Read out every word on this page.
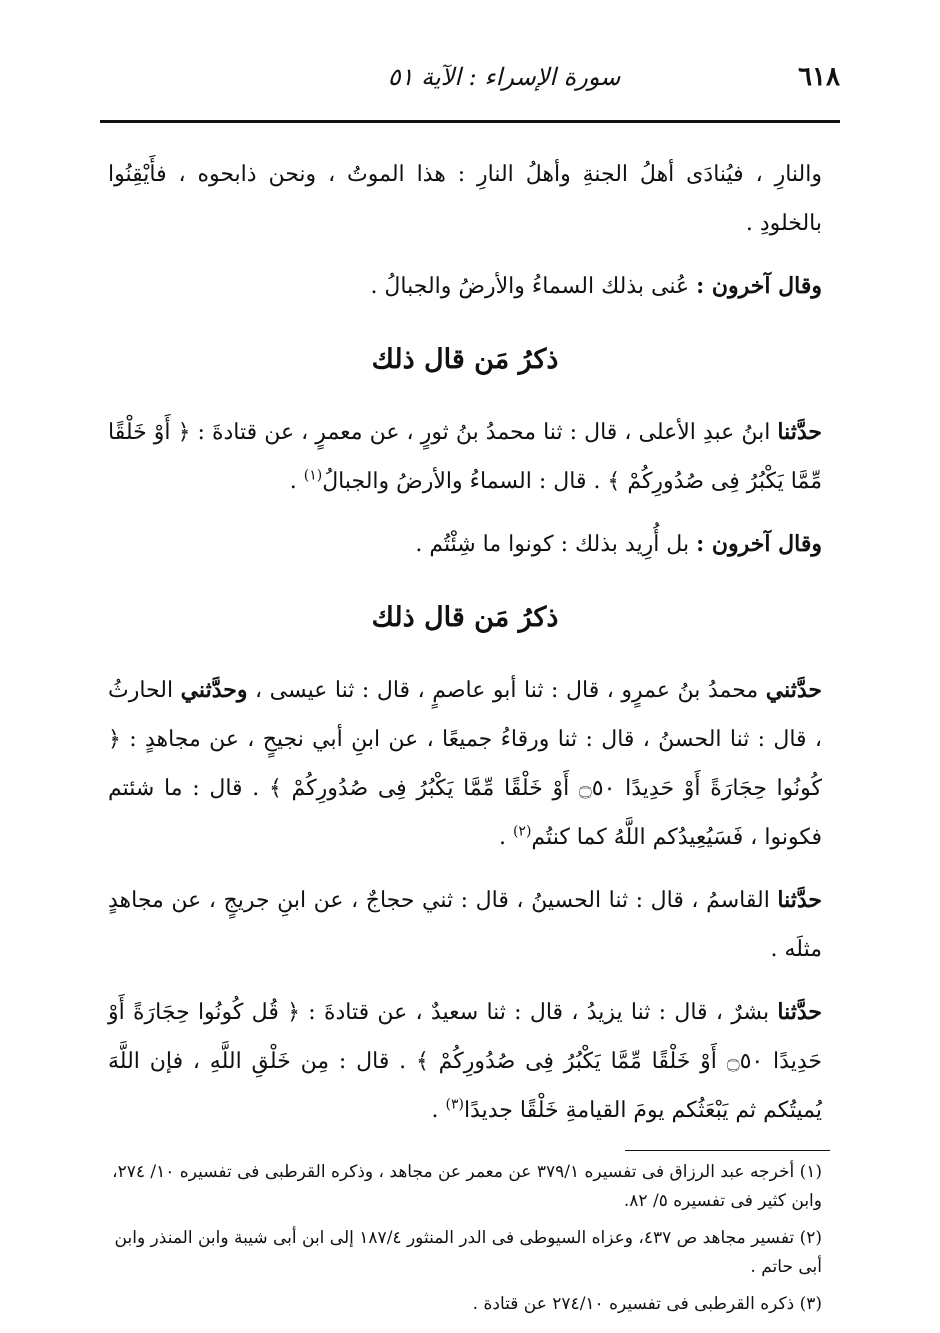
٦١٨
سورة الإسراء : الآية ٥١

والنارِ ، فيُنادَى أهلُ الجنةِ وأهلُ النارِ : هذا الموتُ ، ونحن ذابحوه ، فأَيْقِنُوا بالخلودِ .

وقال آخرون : عُنى بذلك السماءُ والأرضُ والجبالُ .

ذكرُ مَن قال ذلك

حدَّثنا ابنُ عبدِ الأعلى ، قال : ثنا محمدُ بنُ ثورٍ ، عن معمرٍ ، عن قتادةَ : ﴿ أَوْ خَلْقًا مِّمَّا يَكْبُرُ فِى صُدُورِكُمْ ﴾ . قال : السماءُ والأرضُ والجبالُ$^{(١)}$ .

وقال آخرون : بل أُرِيد بذلك : كونوا ما شِئْتُم .

ذكرُ مَن قال ذلك

حدَّثني محمدُ بنُ عمرٍو ، قال : ثنا أبو عاصمٍ ، قال : ثنا عيسى ، وحدَّثني الحارثُ ، قال : ثنا الحسنُ ، قال : ثنا ورقاءُ جميعًا ، عن ابنِ أبي نجيحٍ ، عن مجاهدٍ : ﴿ كُونُوا حِجَارَةً أَوْ حَدِيدًا ۝٥٠ أَوْ خَلْقًا مِّمَّا يَكْبُرُ فِى صُدُورِكُمْ ﴾ . قال : ما شئتم فكونوا ، فَسَيُعِيدُكم اللَّهُ كما كنتُم$^{(٢)}$ .

حدَّثنا القاسمُ ، قال : ثنا الحسينُ ، قال : ثني حجاجٌ ، عن ابنِ جريجٍ ، عن مجاهدٍ مثلَه .

حدَّثنا بشرٌ ، قال : ثنا يزيدُ ، قال : ثنا سعيدٌ ، عن قتادةَ : ﴿ قُل كُونُوا حِجَارَةً أَوْ حَدِيدًا ۝٥٠ أَوْ خَلْقًا مِّمَّا يَكْبُرُ فِى صُدُورِكُمْ ﴾ . قال : مِن خَلْقِ اللَّهِ ، فإن اللَّهَ يُميتُكم ثم يَبْعَثُكم يومَ القيامةِ خَلْقًا جديدًا$^{(٣)}$ .

(١) أخرجه عبد الرزاق فى تفسيره ٣٧٩/١ عن معمر عن مجاهد ، وذكره القرطبى فى تفسيره ١٠/ ٢٧٤، وابن كثير فى تفسيره ٥/ ٨٢.

(٢) تفسير مجاهد ص ٤٣٧، وعزاه السيوطى فى الدر المنثور ١٨٧/٤ إلى ابن أبى شيبة وابن المنذر وابن أبى حاتم .

(٣) ذكره القرطبى فى تفسيره ٢٧٤/١٠ عن قتادة .
